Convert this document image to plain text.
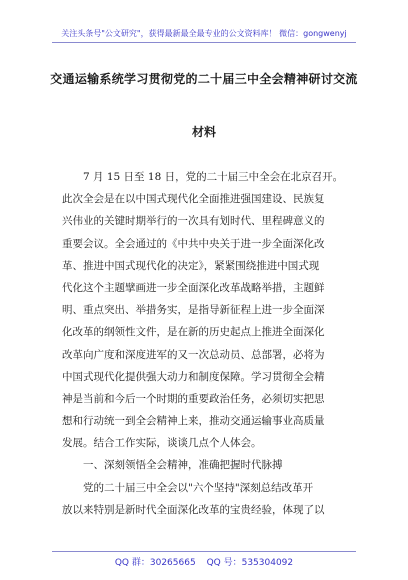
关注头条号"公文研究"，获得最新最全最专业的公文资料库！ 微信：gongwenyj
交通运输系统学习贯彻党的二十届三中全会精神研讨交流
材料
7 月 15 日至 18 日，党的二十届三中全会在北京召开。
此次全会是在以中国式现代化全面推进强国建设、民族复
兴伟业的关键时期举行的一次具有划时代、里程碑意义的
重要会议。全会通过的《中共中央关于进一步全面深化改
革、推进中国式现代化的决定》，紧紧围绕推进中国式现
代化这个主题擘画进一步全面深化改革战略举措，主题鲜
明、重点突出、举措务实，是指导新征程上进一步全面深
化改革的纲领性文件，是在新的历史起点上推进全面深化
改革向广度和深度进军的又一次总动员、总部署，必将为
中国式现代化提供强大动力和制度保障。学习贯彻全会精
神是当前和今后一个时期的重要政治任务，必须切实把思
想和行动统一到全会精神上来，推动交通运输事业高质量
发展。结合工作实际，谈谈几点个人体会。
一、深刻领悟全会精神，准确把握时代脉搏
党的二十届三中全会以"六个坚持"深刻总结改革开
放以来特别是新时代全面深化改革的宝贵经验，体现了以
QQ 群：30265665 QQ 号：535304092
